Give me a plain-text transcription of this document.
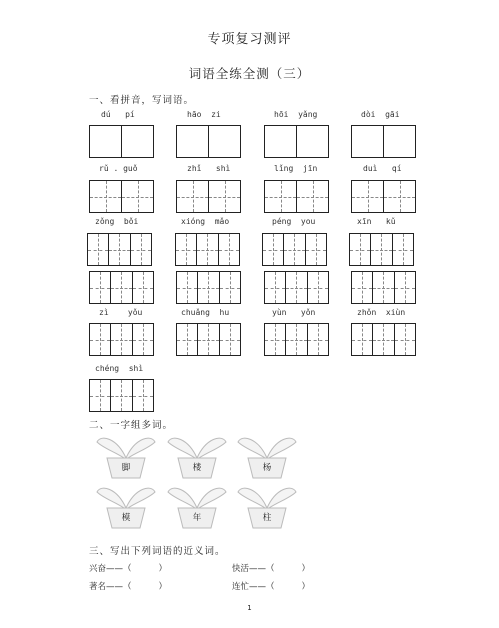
专项复习测评
词语全练全测（三）
一、看拼音，写词语。
dú   pí	hāo  zi	hōi  yǎng	dòi  gāi
rǔ . guǒ	zhǐ   shì	lǐng  jīn	duì   qí
zǒng  bǒi	xióng  mǎo	péng  you	xīn   kǔ
zì    yǒu	chuǎng  hu	yùn   yǒn	zhǒn  xiùn
chéng  shì
二、一字组多词。
脚	楼	杨
模	年	柱
三、写出下列词语的近义词。
兴奋——（          ）	快活——（          ）
著名——（          ）	连忙——（          ）
1
